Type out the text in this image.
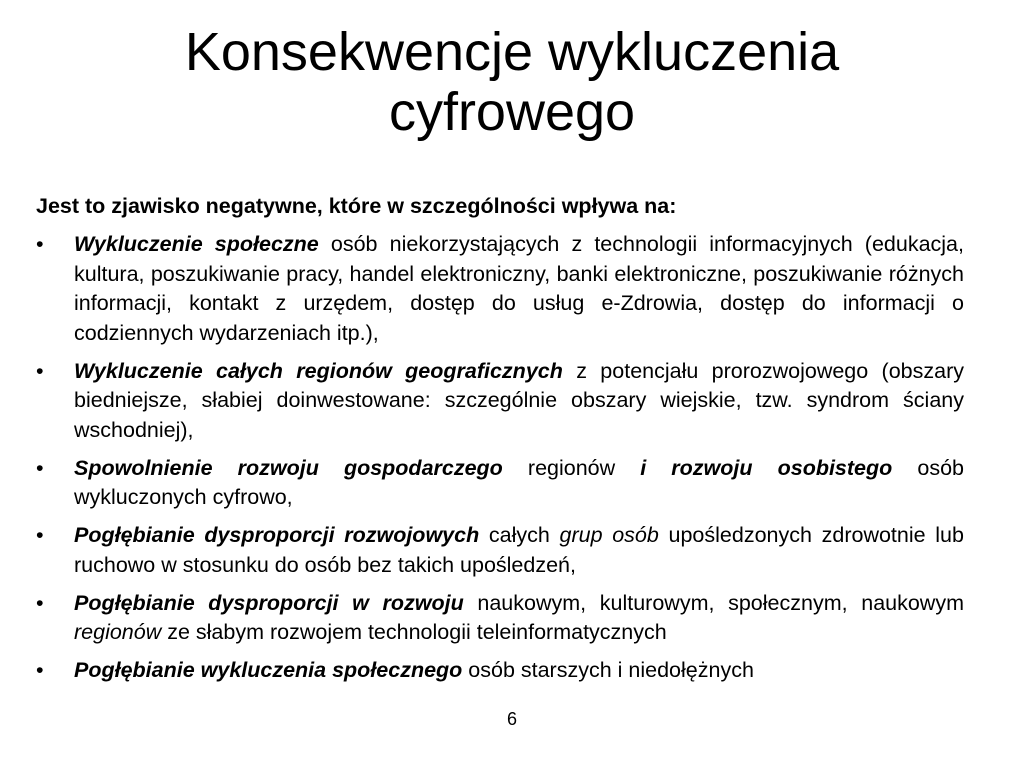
Konsekwencje wykluczenia
cyfrowego

Jest to zjawisko negatywne, które w szczególności wpływa na:

• Wykluczenie społeczne osób niekorzystających z technologii informacyjnych (edukacja, kultura, poszukiwanie pracy, handel elektroniczny, banki elektroniczne, poszukiwanie różnych informacji, kontakt z urzędem, dostęp do usług e-Zdrowia, dostęp do informacji o codziennych wydarzeniach itp.),
• Wykluczenie całych regionów geograficznych z potencjału prorozwojowego (obszary biedniejsze, słabiej doinwestowane: szczególnie obszary wiejskie, tzw. syndrom ściany wschodniej),
• Spowolnienie rozwoju gospodarczego regionów i rozwoju osobistego osób wykluczonych cyfrowo,
• Pogłębianie dysproporcji rozwojowych całych grup osób upośledzonych zdrowotnie lub ruchowo w stosunku do osób bez takich upośledzeń,
• Pogłębianie dysproporcji w rozwoju naukowym, kulturowym, społecznym, naukowym regionów ze słabym rozwojem technologii teleinformatycznych
• Pogłębianie wykluczenia społecznego osób starszych i niedołężnych
6
